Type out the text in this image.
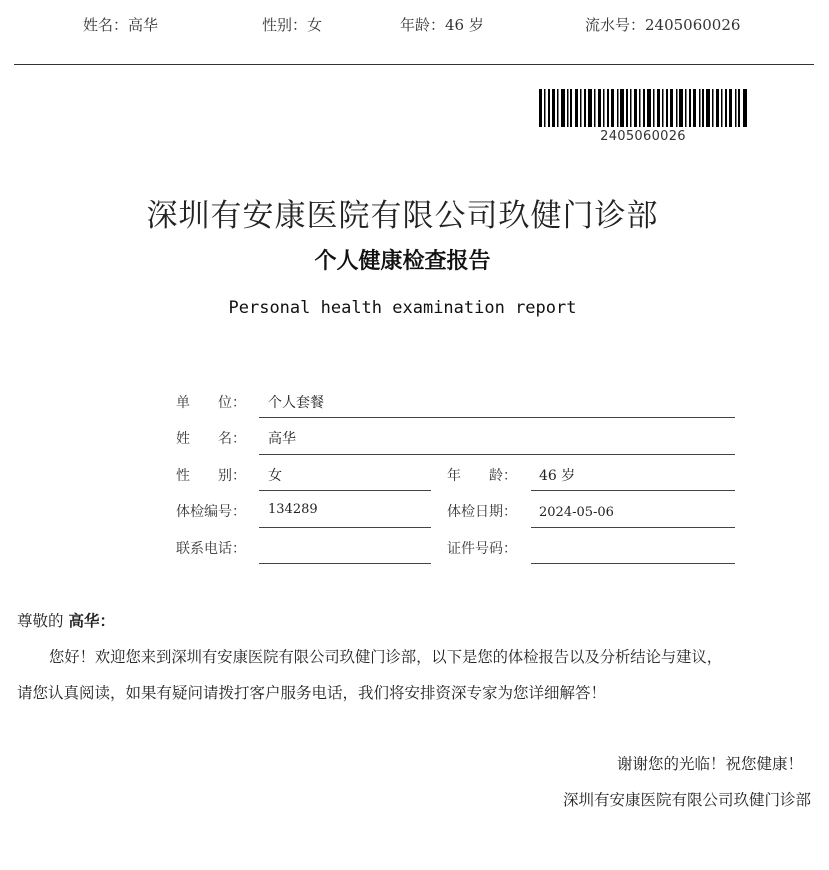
姓名：高华	性别：女	年龄：46 岁	流水号：2405060026
2405060026
深圳有安康医院有限公司玖健门诊部
个人健康检查报告
Personal health examination report
单　　位： 个人套餐
姓　　名： 高华
性　　别： 女	年　　龄： 46 岁
体检编号： 134289	体检日期： 2024-05-06
联系电话：	证件号码：
尊敬的 高华：
您好！欢迎您来到深圳有安康医院有限公司玖健门诊部，以下是您的体检报告以及分析结论与建议，
请您认真阅读，如果有疑问请拨打客户服务电话，我们将安排资深专家为您详细解答！
谢谢您的光临！祝您健康！
深圳有安康医院有限公司玖健门诊部
